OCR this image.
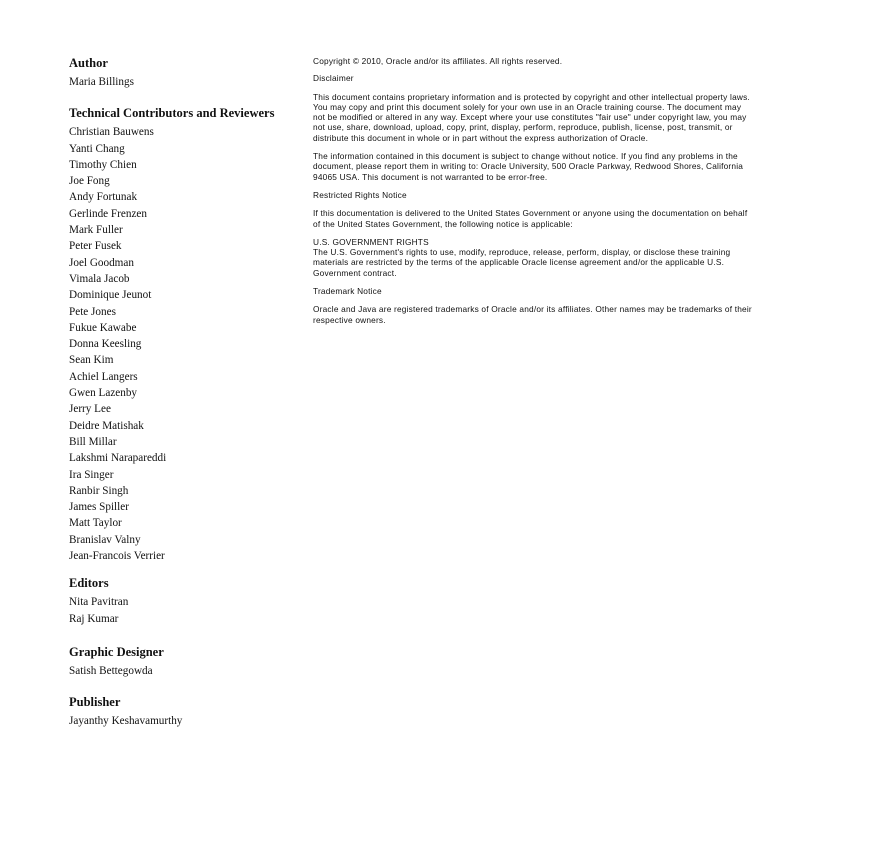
Author
Maria Billings
Technical Contributors and Reviewers
Christian Bauwens
Yanti Chang
Timothy Chien
Joe Fong
Andy Fortunak
Gerlinde Frenzen
Mark Fuller
Peter Fusek
Joel Goodman
Vimala Jacob
Dominique Jeunot
Pete Jones
Fukue Kawabe
Donna Keesling
Sean Kim
Achiel Langers
Gwen Lazenby
Jerry Lee
Deidre Matishak
Bill Millar
Lakshmi Narapareddi
Ira Singer
Ranbir Singh
James Spiller
Matt Taylor
Branislav Valny
Jean-Francois Verrier
Editors
Nita Pavitran
Raj Kumar
Graphic Designer
Satish Bettegowda
Publisher
Jayanthy Keshavamurthy

Copyright © 2010, Oracle and/or its affiliates. All rights reserved.

Disclaimer

This document contains proprietary information and is protected by copyright and other intellectual property laws. You may copy and print this document solely for your own use in an Oracle training course. The document may not be modified or altered in any way. Except where your use constitutes "fair use" under copyright law, you may not use, share, download, upload, copy, print, display, perform, reproduce, publish, license, post, transmit, or distribute this document in whole or in part without the express authorization of Oracle.

The information contained in this document is subject to change without notice. If you find any problems in the document, please report them in writing to: Oracle University, 500 Oracle Parkway, Redwood Shores, California 94065 USA. This document is not warranted to be error-free.

Restricted Rights Notice

If this documentation is delivered to the United States Government or anyone using the documentation on behalf of the United States Government, the following notice is applicable:

U.S. GOVERNMENT RIGHTS

The U.S. Government's rights to use, modify, reproduce, release, perform, display, or disclose these training materials are restricted by the terms of the applicable Oracle license agreement and/or the applicable U.S. Government contract.

Trademark Notice

Oracle and Java are registered trademarks of Oracle and/or its affiliates. Other names may be trademarks of their respective owners.
